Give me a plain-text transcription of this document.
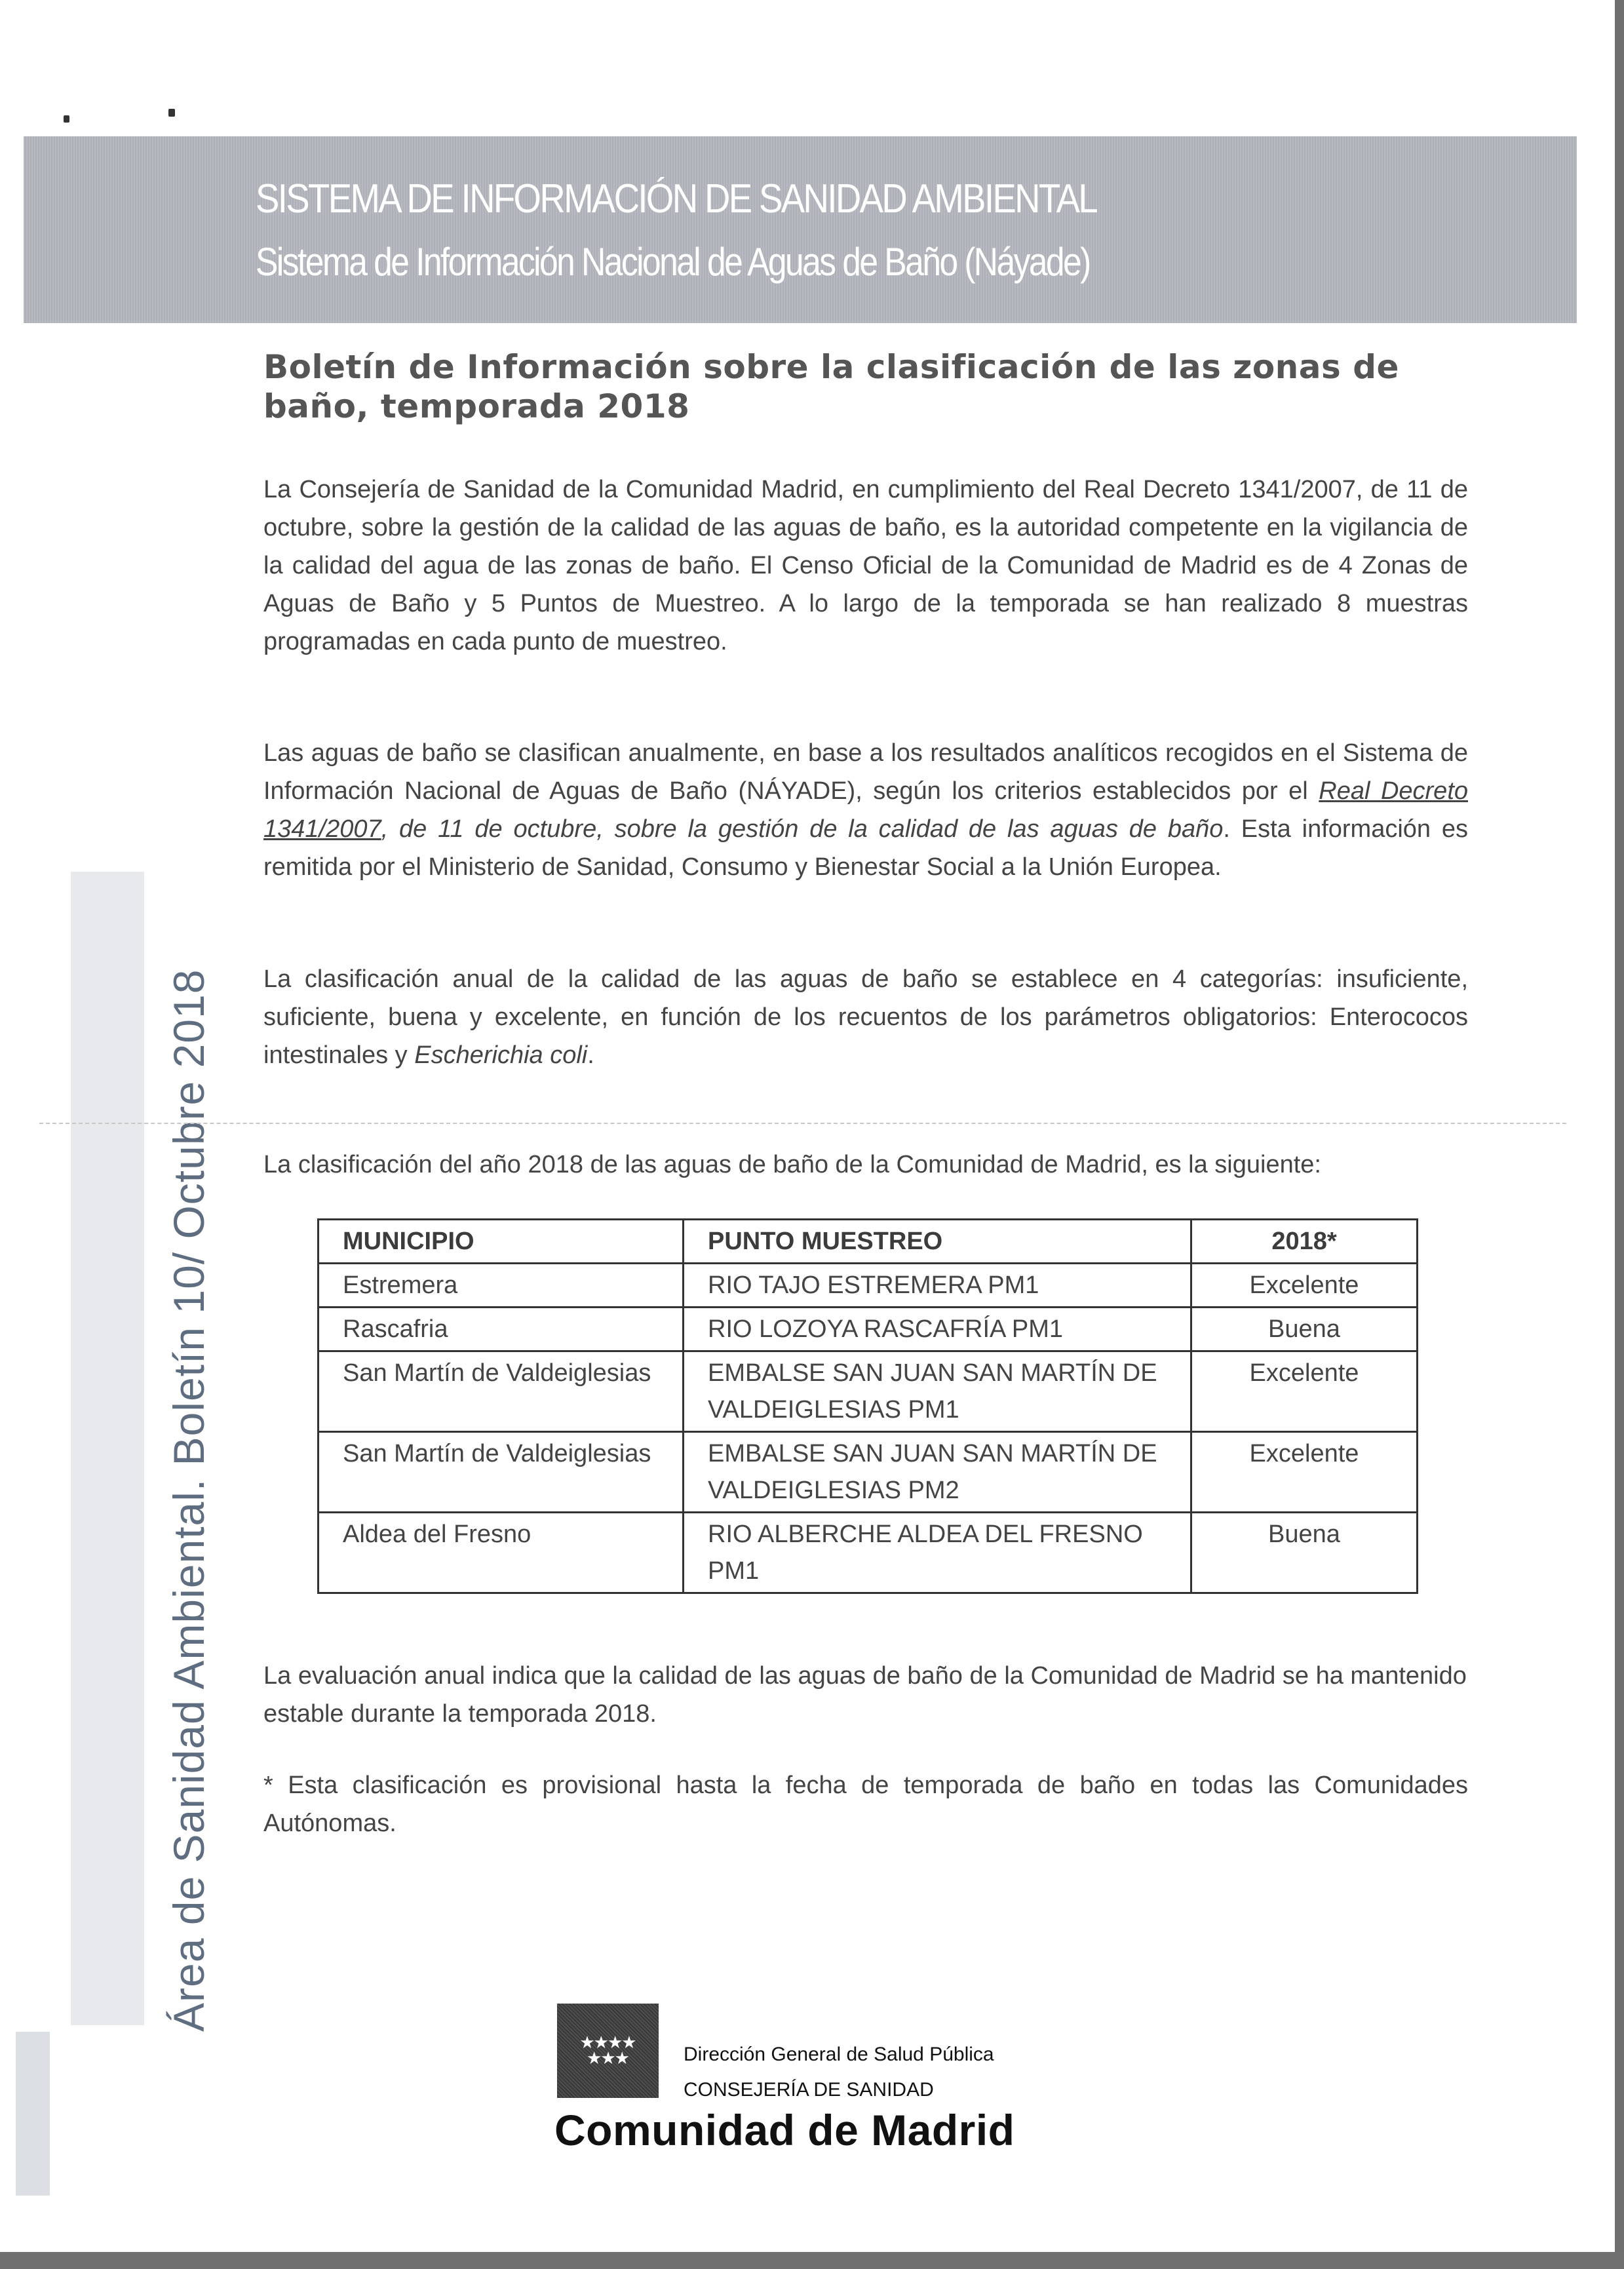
SISTEMA DE INFORMACIÓN DE SANIDAD AMBIENTAL
Sistema de Información Nacional de Aguas de Baño (Náyade)
Área de Sanidad Ambiental. Boletín 10/ Octubre 2018
Boletín de Información sobre la clasificación de las zonas de baño, temporada 2018
La Consejería de Sanidad de la Comunidad Madrid, en cumplimiento del Real Decreto 1341/2007, de 11 de octubre, sobre la gestión de la calidad de las aguas de baño, es la autoridad competente en la vigilancia de la calidad del agua de las zonas de baño. El Censo Oficial de la Comunidad de Madrid es de 4 Zonas de Aguas de Baño y 5 Puntos de Muestreo. A lo largo de la temporada se han realizado 8 muestras programadas en cada punto de muestreo.
Las aguas de baño se clasifican anualmente, en base a los resultados analíticos recogidos en el Sistema de Información Nacional de Aguas de Baño (NÁYADE), según los criterios establecidos por el Real Decreto 1341/2007, de 11 de octubre, sobre la gestión de la calidad de las aguas de baño. Esta información es remitida por el Ministerio de Sanidad, Consumo y Bienestar Social a la Unión Europea.
La clasificación anual de la calidad de las aguas de baño se establece en 4 categorías: insuficiente, suficiente, buena y excelente, en función de los recuentos de los parámetros obligatorios: Enterococos intestinales y Escherichia coli.
La clasificación del año 2018 de las aguas de baño de la Comunidad de Madrid, es la siguiente:
MUNICIPIO	PUNTO MUESTREO	2018*
Estremera	RIO TAJO ESTREMERA PM1	Excelente
Rascafria	RIO LOZOYA RASCAFRÍA PM1	Buena
San Martín de Valdeiglesias	EMBALSE SAN JUAN SAN MARTÍN DE VALDEIGLESIAS PM1	Excelente
San Martín de Valdeiglesias	EMBALSE SAN JUAN SAN MARTÍN DE VALDEIGLESIAS PM2	Excelente
Aldea del Fresno	RIO ALBERCHE ALDEA DEL FRESNO PM1	Buena
La evaluación anual indica que la calidad de las aguas de baño de la Comunidad de Madrid se ha mantenido estable durante la temporada 2018.
* Esta clasificación es provisional hasta la fecha de temporada de baño en todas las Comunidades Autónomas.
★★★★ ★★★	Dirección General de Salud Pública
CONSEJERÍA DE SANIDAD
Comunidad de Madrid
